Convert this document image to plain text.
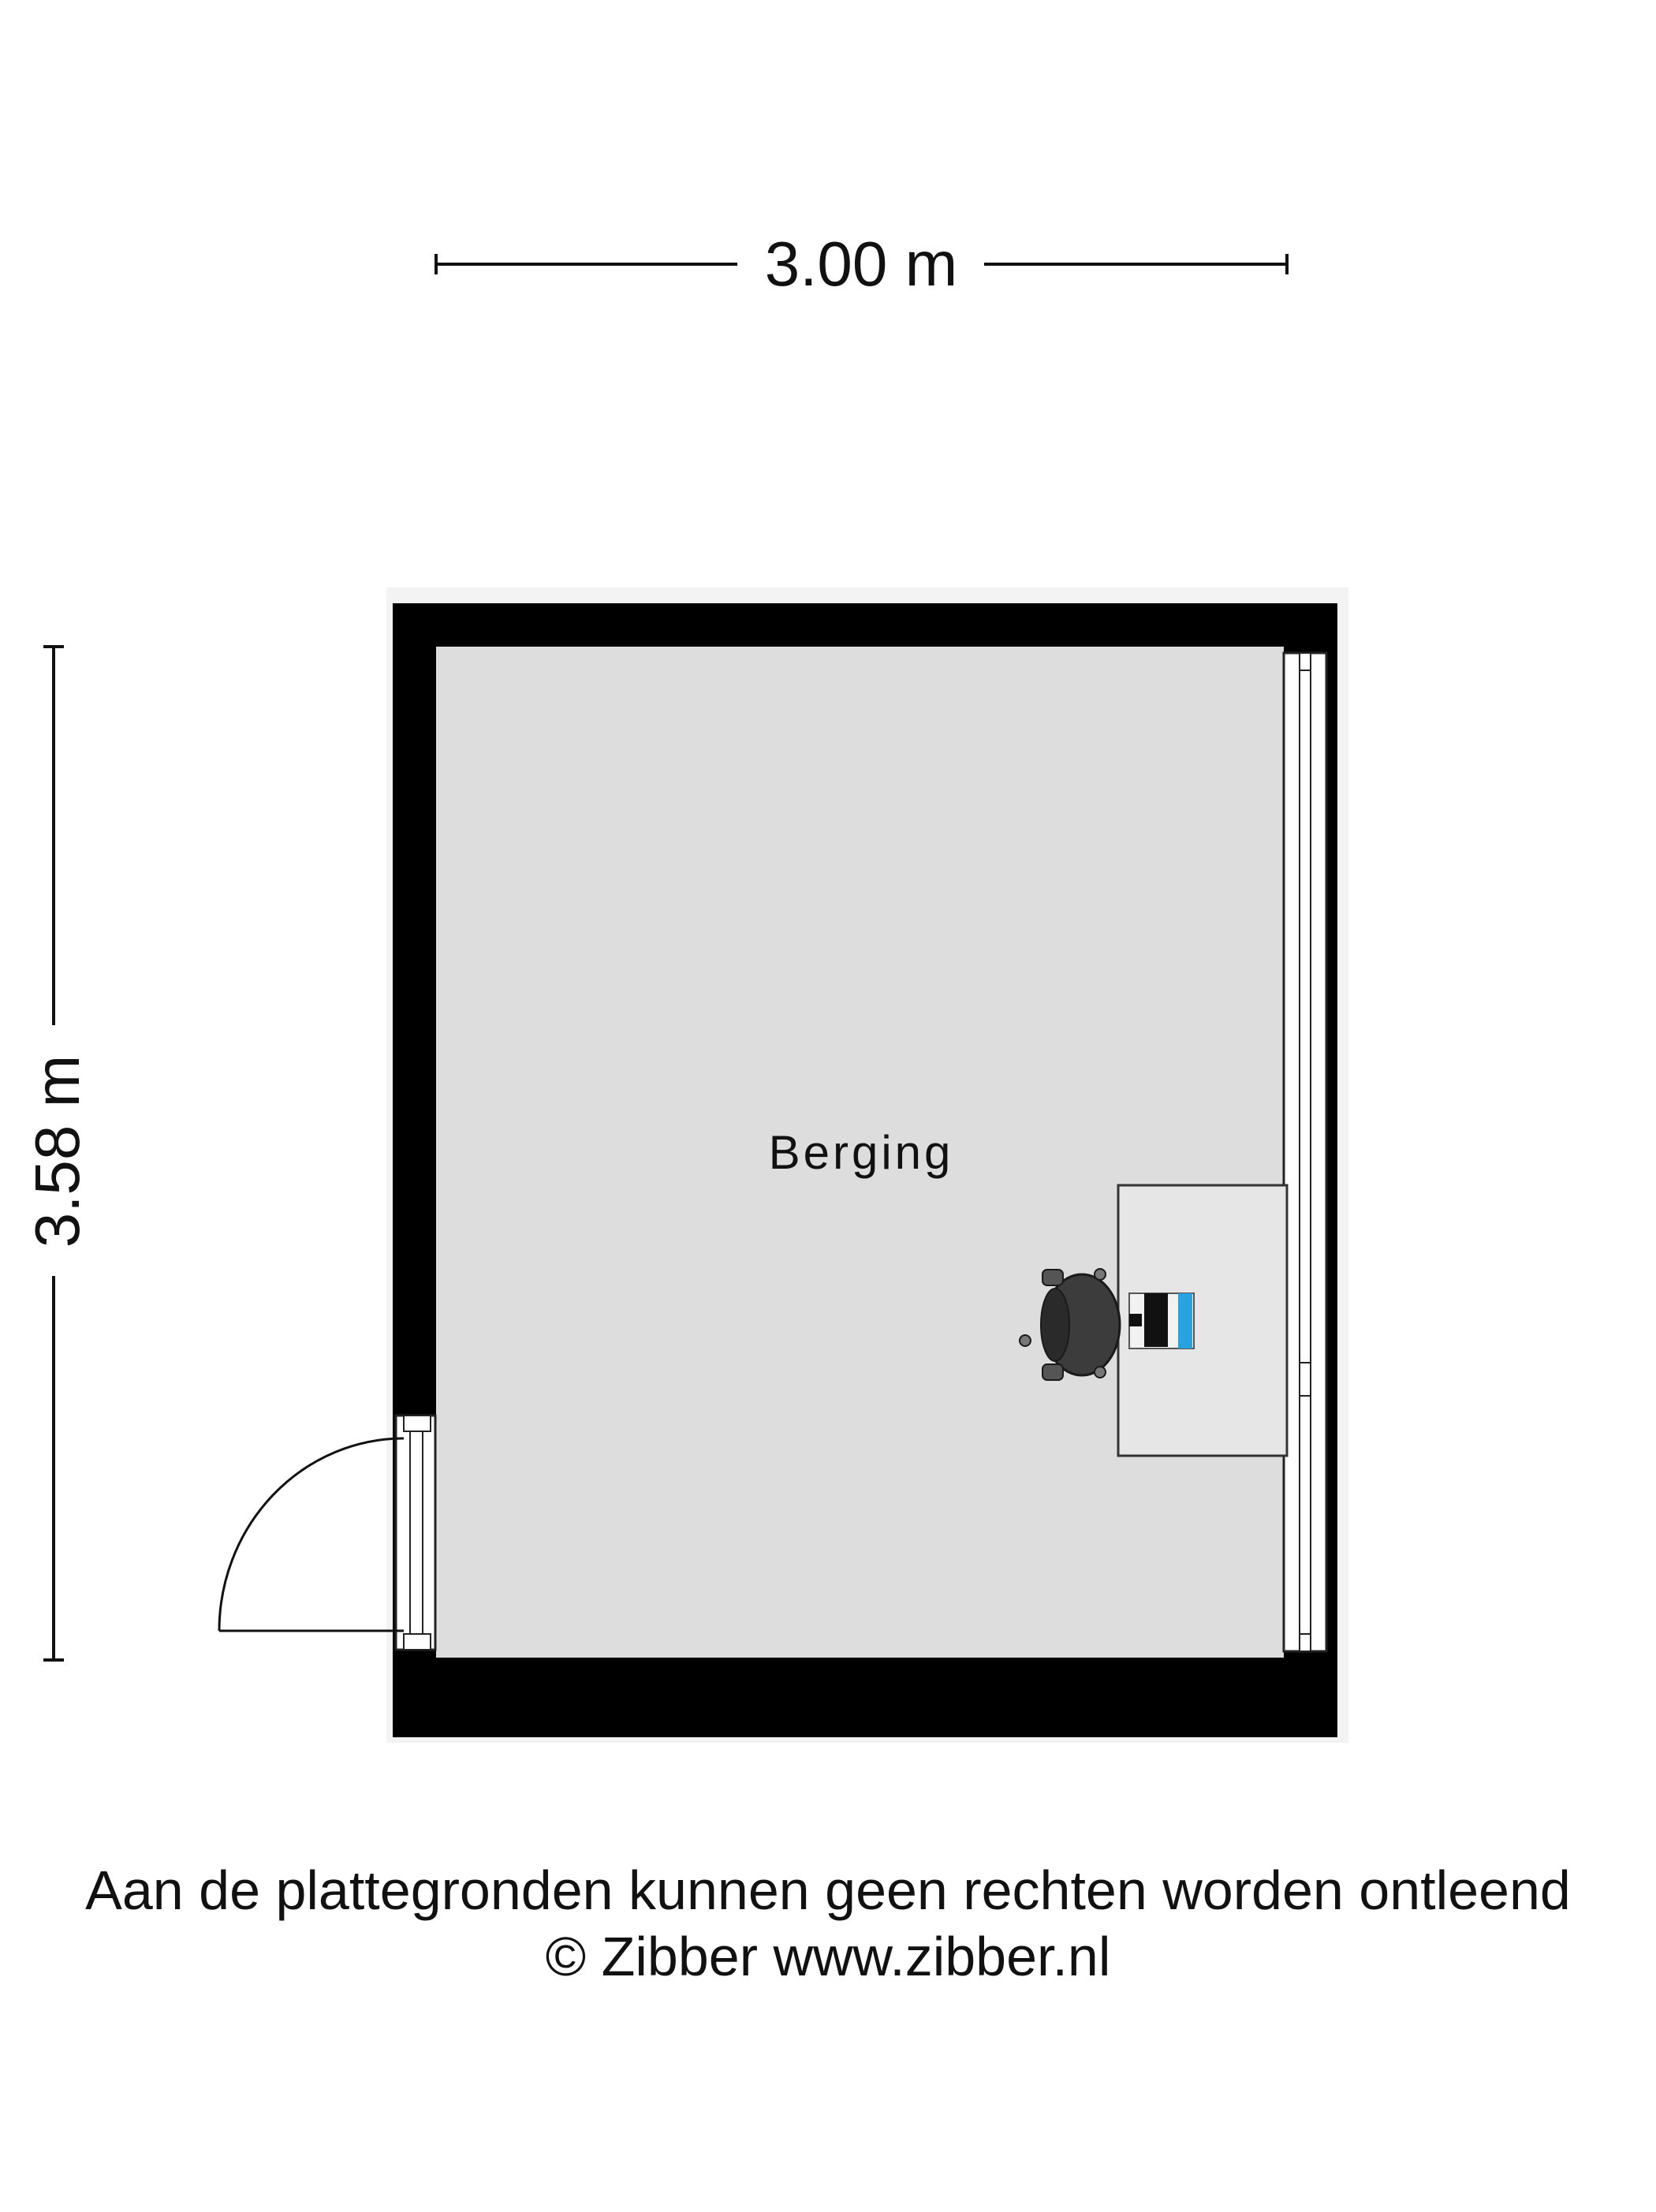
3.00 m
3.58 m	Berging
Aan de plattegronden kunnen geen rechten worden ontleend
© Zibber www.zibber.nl
